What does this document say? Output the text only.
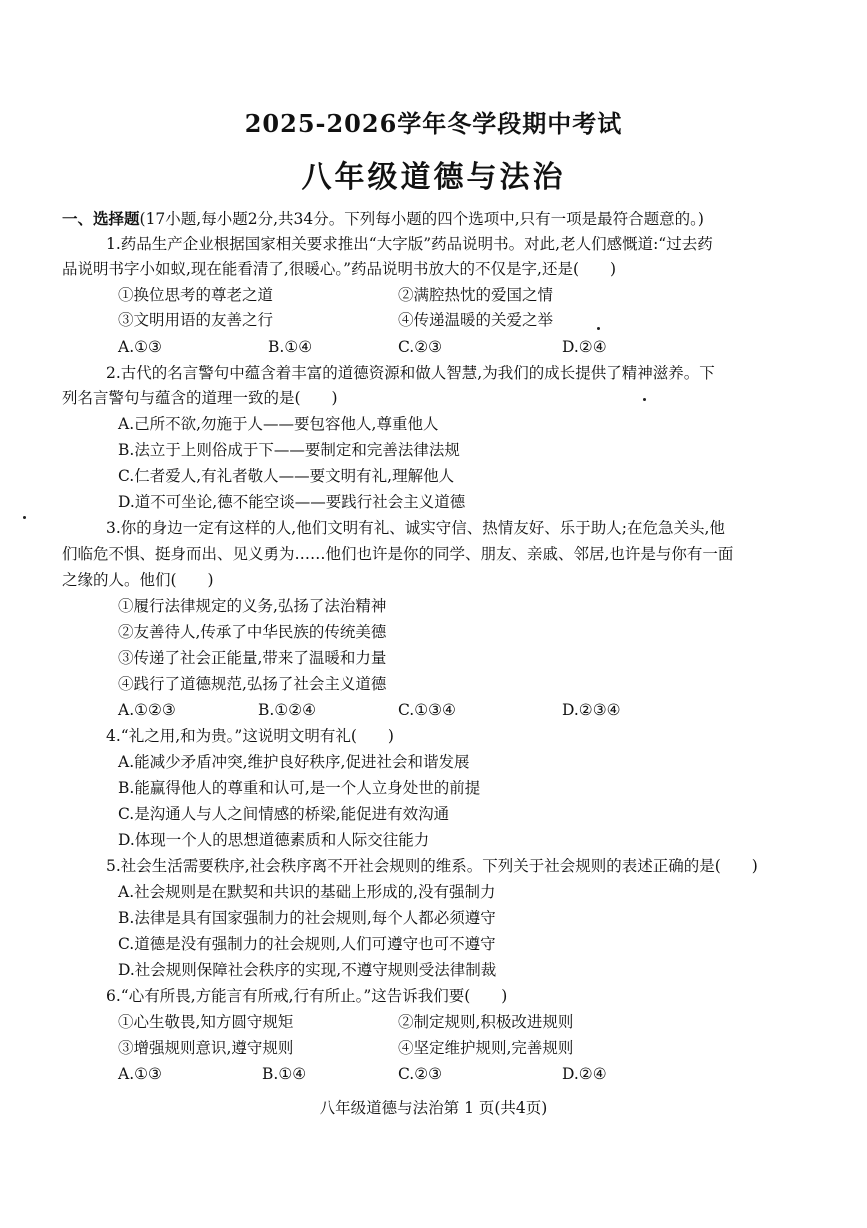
2025-2026学年冬学段期中考试
八年级道德与法治
一、选择题(17小题,每小题2分,共34分。下列每小题的四个选项中,只有一项是最符合题意的。)
1.药品生产企业根据国家相关要求推出“大字版”药品说明书。对此,老人们感慨道:“过去药
品说明书字小如蚁,现在能看清了,很暖心。”药品说明书放大的不仅是字,还是(　　)
①换位思考的尊老之道	②满腔热忱的爱国之情
③文明用语的友善之行	④传递温暖的关爱之举
A.①③	B.①④	C.②③	D.②④
2.古代的名言警句中蕴含着丰富的道德资源和做人智慧,为我们的成长提供了精神滋养。下
列名言警句与蕴含的道理一致的是(　　)
A.己所不欲,勿施于人——要包容他人,尊重他人
B.法立于上则俗成于下——要制定和完善法律法规
C.仁者爱人,有礼者敬人——要文明有礼,理解他人
D.道不可坐论,德不能空谈——要践行社会主义道德
3.你的身边一定有这样的人,他们文明有礼、诚实守信、热情友好、乐于助人;在危急关头,他
们临危不惧、挺身而出、见义勇为……他们也许是你的同学、朋友、亲戚、邻居,也许是与你有一面
之缘的人。他们(　　)
①履行法律规定的义务,弘扬了法治精神
②友善待人,传承了中华民族的传统美德
③传递了社会正能量,带来了温暖和力量
④践行了道德规范,弘扬了社会主义道德
A.①②③	B.①②④	C.①③④	D.②③④
4.“礼之用,和为贵。”这说明文明有礼(　　)
A.能减少矛盾冲突,维护良好秩序,促进社会和谐发展
B.能赢得他人的尊重和认可,是一个人立身处世的前提
C.是沟通人与人之间情感的桥梁,能促进有效沟通
D.体现一个人的思想道德素质和人际交往能力
5.社会生活需要秩序,社会秩序离不开社会规则的维系。下列关于社会规则的表述正确的是(　　)
A.社会规则是在默契和共识的基础上形成的,没有强制力
B.法律是具有国家强制力的社会规则,每个人都必须遵守
C.道德是没有强制力的社会规则,人们可遵守也可不遵守
D.社会规则保障社会秩序的实现,不遵守规则受法律制裁
6.“心有所畏,方能言有所戒,行有所止。”这告诉我们要(　　)
①心生敬畏,知方圆守规矩	②制定规则,积极改进规则
③增强规则意识,遵守规则	④坚定维护规则,完善规则
A.①③	B.①④	C.②③	D.②④
八年级道德与法治第 1 页(共4页)
